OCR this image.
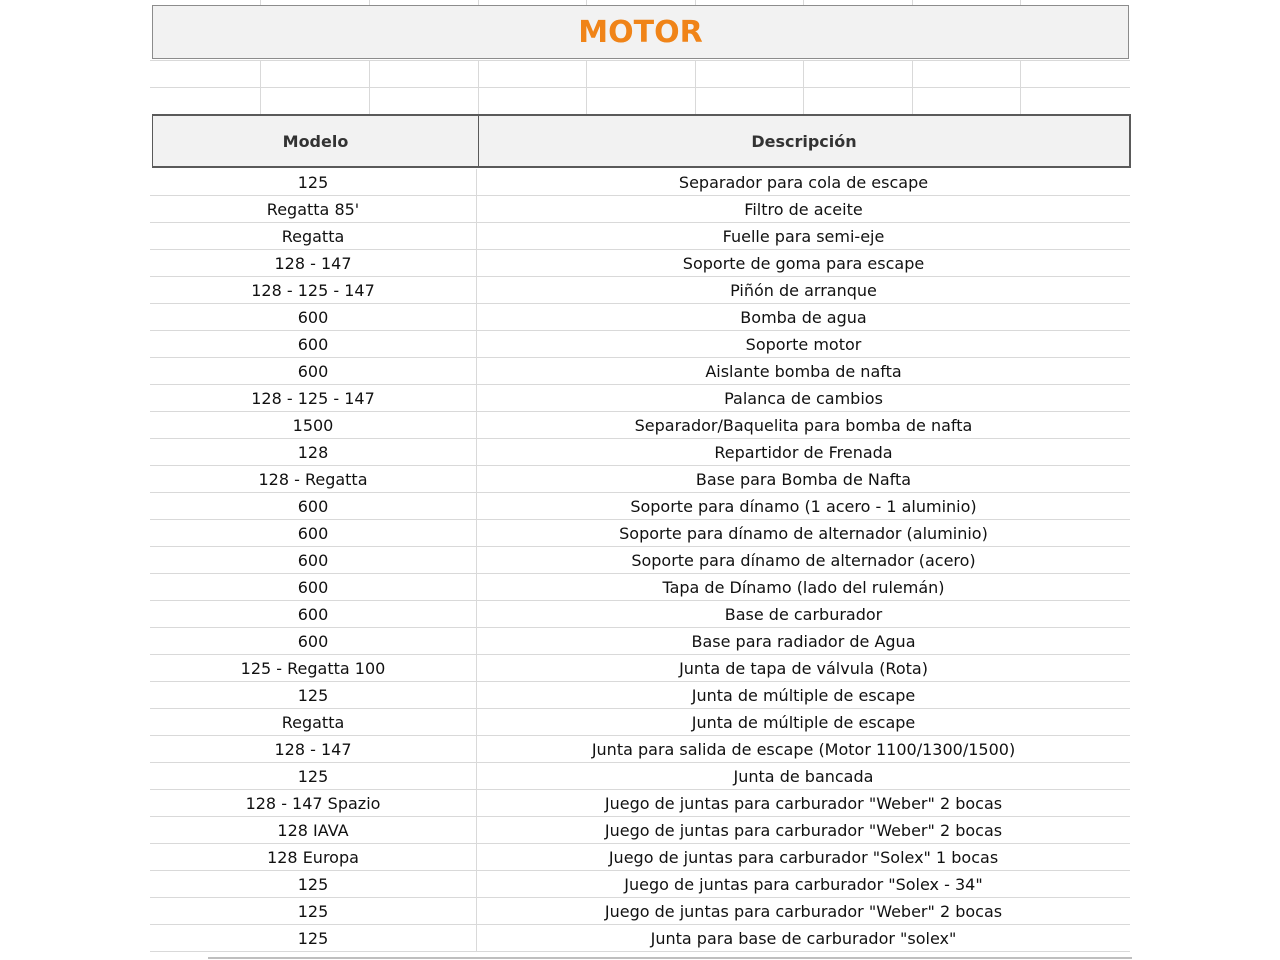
MOTOR
Modelo	Descripción
125	Separador para cola de escape
Regatta 85'	Filtro de aceite
Regatta	Fuelle para semi-eje
128 - 147	Soporte de goma para escape
128 - 125 - 147	Piñón de arranque
600	Bomba de agua
600	Soporte motor
600	Aislante bomba de nafta
128 - 125 - 147	Palanca de cambios
1500	Separador/Baquelita para bomba de nafta
128	Repartidor de Frenada
128 - Regatta	Base para Bomba de Nafta
600	Soporte para dínamo (1 acero - 1 aluminio)
600	Soporte para dínamo de alternador (aluminio)
600	Soporte para dínamo de alternador (acero)
600	Tapa de Dínamo (lado del rulemán)
600	Base de carburador
600	Base para radiador de Agua
125 - Regatta 100	Junta de tapa de válvula (Rota)
125	Junta de múltiple de escape
Regatta	Junta de múltiple de escape
128 - 147	Junta para salida de escape (Motor 1100/1300/1500)
125	Junta de bancada
128 - 147 Spazio	Juego de juntas para carburador "Weber" 2 bocas
128 IAVA	Juego de juntas para carburador "Weber" 2 bocas
128 Europa	Juego de juntas para carburador "Solex" 1 bocas
125	Juego de juntas para carburador "Solex - 34"
125	Juego de juntas para carburador "Weber" 2 bocas
125	Junta para base de carburador "solex"
